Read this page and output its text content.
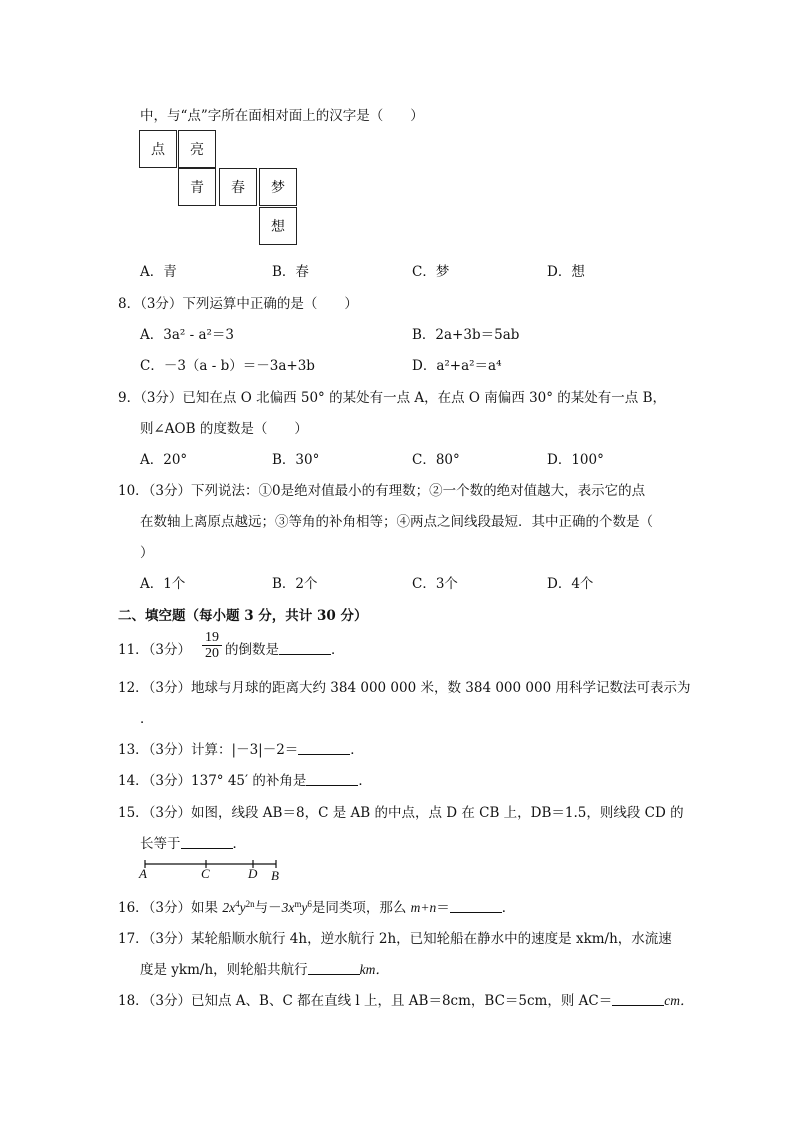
中，与“点”字所在面相对面上的汉字是（　　）
点	亮
青	春	梦
想
A．青	B．春	C．梦	D．想
8．（3分）下列运算中正确的是（　　）
A．3a² - a²＝3	B．2a+3b＝5ab
C．－3（a - b）＝－3a+3b	D．a²+a²＝a⁴
9．（3分）已知在点 O 北偏西 50° 的某处有一点 A，在点 O 南偏西 30° 的某处有一点 B，
则∠AOB 的度数是（　　）
A．20°	B．30°	C．80°	D．100°
10．（3分）下列说法：①0是绝对值最小的有理数；②一个数的绝对值越大，表示它的点
在数轴上离原点越远；③等角的补角相等；④两点之间线段最短．其中正确的个数是（
）
A．1个	B．2个	C．3个	D．4个
二、填空题（每小题 3 分，共计 30 分）
11．（3分）
19
20 的倒数是	．
12．（3分）地球与月球的距离大约 384 000 000 米，数 384 000 000 用科学记数法可表示为
．
13．（3分）计算：|－3|－2＝	．
14．（3分）137° 45′ 的补角是	．
15．（3分）如图，线段 AB＝8，C 是 AB 的中点，点 D 在 CB 上，DB＝1.5，则线段 CD 的
长等于	．
A	C	D B
16．（3分）如果 $2x^4y^{2n}$与$-3x^my^6$是同类项，那么 m+n＝	．
17．（3分）某轮船顺水航行 4h，逆水航行 2h，已知轮船在静水中的速度是 xkm/h，水流速
度是 ykm/h，则轮船共航行	km．
18．（3分）已知点 A、B、C 都在直线 l 上，且 AB＝8cm，BC＝5cm，则 AC＝	cm．
